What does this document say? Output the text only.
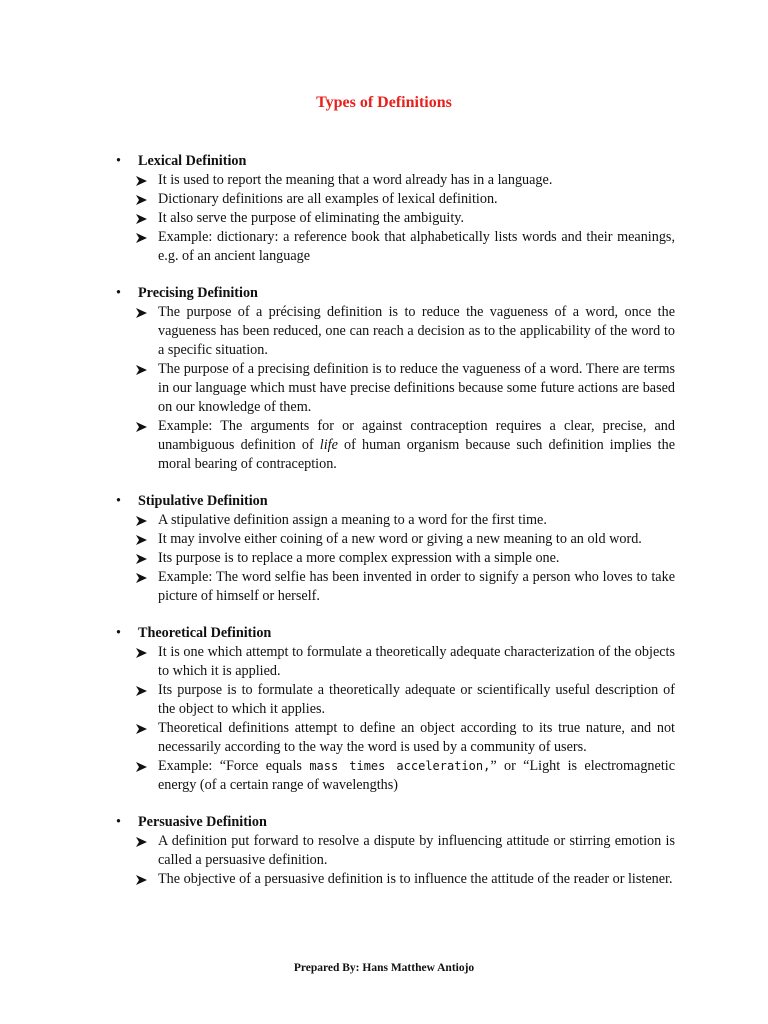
Types of Definitions
• Lexical Definition
It is used to report the meaning that a word already has in a language.
Dictionary definitions are all examples of lexical definition.
It also serve the purpose of eliminating the ambiguity.
Example: dictionary: a reference book that alphabetically lists words and their meanings, e.g. of an ancient language
• Precising Definition
The purpose of a précising definition is to reduce the vagueness of a word, once the vagueness has been reduced, one can reach a decision as to the applicability of the word to a specific situation.
The purpose of a precising definition is to reduce the vagueness of a word. There are terms in our language which must have precise definitions because some future actions are based on our knowledge of them.
Example: The arguments for or against contraception requires a clear, precise, and unambiguous definition of life of human organism because such definition implies the moral bearing of contraception.
• Stipulative Definition
A stipulative definition assign a meaning to a word for the first time.
It may involve either coining of a new word or giving a new meaning to an old word.
Its purpose is to replace a more complex expression with a simple one.
Example: The word selfie has been invented in order to signify a person who loves to take picture of himself or herself.
• Theoretical Definition
It is one which attempt to formulate a theoretically adequate characterization of the objects to which it is applied.
Its purpose is to formulate a theoretically adequate or scientifically useful description of the object to which it applies.
Theoretical definitions attempt to define an object according to its true nature, and not necessarily according to the way the word is used by a community of users.
Example: “Force equals mass times acceleration,” or “Light is electromagnetic energy (of a certain range of wavelengths)
• Persuasive Definition
A definition put forward to resolve a dispute by influencing attitude or stirring emotion is called a persuasive definition.
The objective of a persuasive definition is to influence the attitude of the reader or listener.
Prepared By: Hans Matthew Antiojo
